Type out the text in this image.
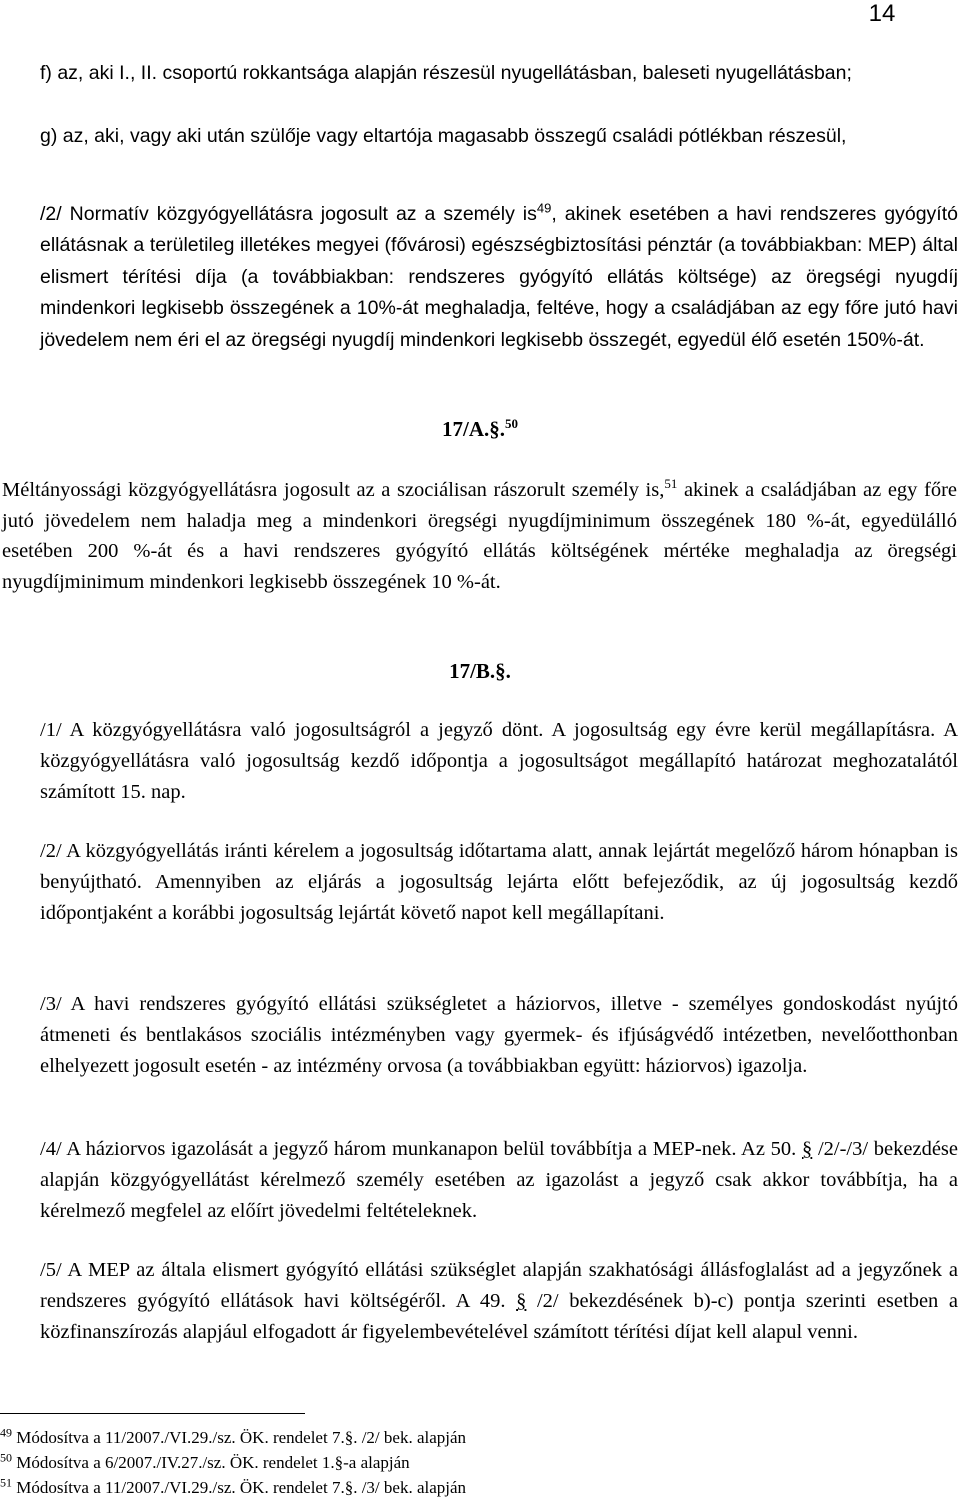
14

f) az, aki I., II. csoportú rokkantsága alapján részesül nyugellátásban, baleseti nyugellátásban;

g) az, aki, vagy aki után szülője vagy eltartója magasabb összegű családi pótlékban részesül,

/2/ Normatív közgyógyellátásra jogosult az a személy $is^{49}$, akinek esetében a havi rendszeres gyógyító ellátásnak a területileg illetékes megyei (fővárosi) egészségbiztosítási pénztár (a továbbiakban: MEP) által elismert térítési díja (a továbbiakban: rendszeres gyógyító ellátás költsége) az öregségi nyugdíj mindenkori legkisebb összegének a 10%-át meghaladja, feltéve, hogy a családjában az egy főre jutó havi jövedelem nem éri el az öregségi nyugdíj mindenkori legkisebb összegét, egyedül élő esetén 150%-át.

17/A.§.$^{50}$

Méltányossági közgyógyellátásra jogosult az a szociálisan rászorult személy is,$^{51}$ akinek a családjában az egy főre jutó jövedelem nem haladja meg a mindenkori öregségi nyugdíjminimum összegének 180 %-át, egyedülálló esetében 200 %-át és a havi rendszeres gyógyító ellátás költségének mértéke meghaladja az öregségi nyugdíjminimum mindenkori legkisebb összegének 10 %-át.

17/B.§.

/1/ A közgyógyellátásra való jogosultságról a jegyző dönt. A jogosultság egy évre kerül megállapításra. A közgyógyellátásra való jogosultság kezdő időpontja a jogosultságot megállapító határozat meghozatalától számított 15. nap.

/2/ A közgyógyellátás iránti kérelem a jogosultság időtartama alatt, annak lejártát megelőző három hónapban is benyújtható. Amennyiben az eljárás a jogosultság lejárta előtt befejeződik, az új jogosultság kezdő időpontjaként a korábbi jogosultság lejártát követő napot kell megállapítani.

/3/ A havi rendszeres gyógyító ellátási szükségletet a háziorvos, illetve - személyes gondoskodást nyújtó átmeneti és bentlakásos szociális intézményben vagy gyermek- és ifjúságvédő intézetben, nevelőotthonban elhelyezett jogosult esetén - az intézmény orvosa (a továbbiakban együtt: háziorvos) igazolja.

/4/ A háziorvos igazolását a jegyző három munkanapon belül továbbítja a MEP-nek. Az 50. § /2/-/3/ bekezdése alapján közgyógyellátást kérelmező személy esetében az igazolást a jegyző csak akkor továbbítja, ha a kérelmező megfelel az előírt jövedelmi feltételeknek.

/5/ A MEP az általa elismert gyógyító ellátási szükséglet alapján szakhatósági állásfoglalást ad a jegyzőnek a rendszeres gyógyító ellátások havi költségéről. A 49. § /2/ bekezdésének b)-c) pontja szerinti esetben a közfinanszírozás alapjául elfogadott ár figyelembevételével számított térítési díjat kell alapul venni.

$^{49}$ Módosítva a 11/2007./VI.29./sz. ÖK. rendelet 7.§. /2/ bek. alapján
$^{50}$ Módosítva a 6/2007./IV.27./sz. ÖK. rendelet 1.§-a alapján
$^{51}$ Módosítva a 11/2007./VI.29./sz. ÖK. rendelet 7.§. /3/ bek. alapján
